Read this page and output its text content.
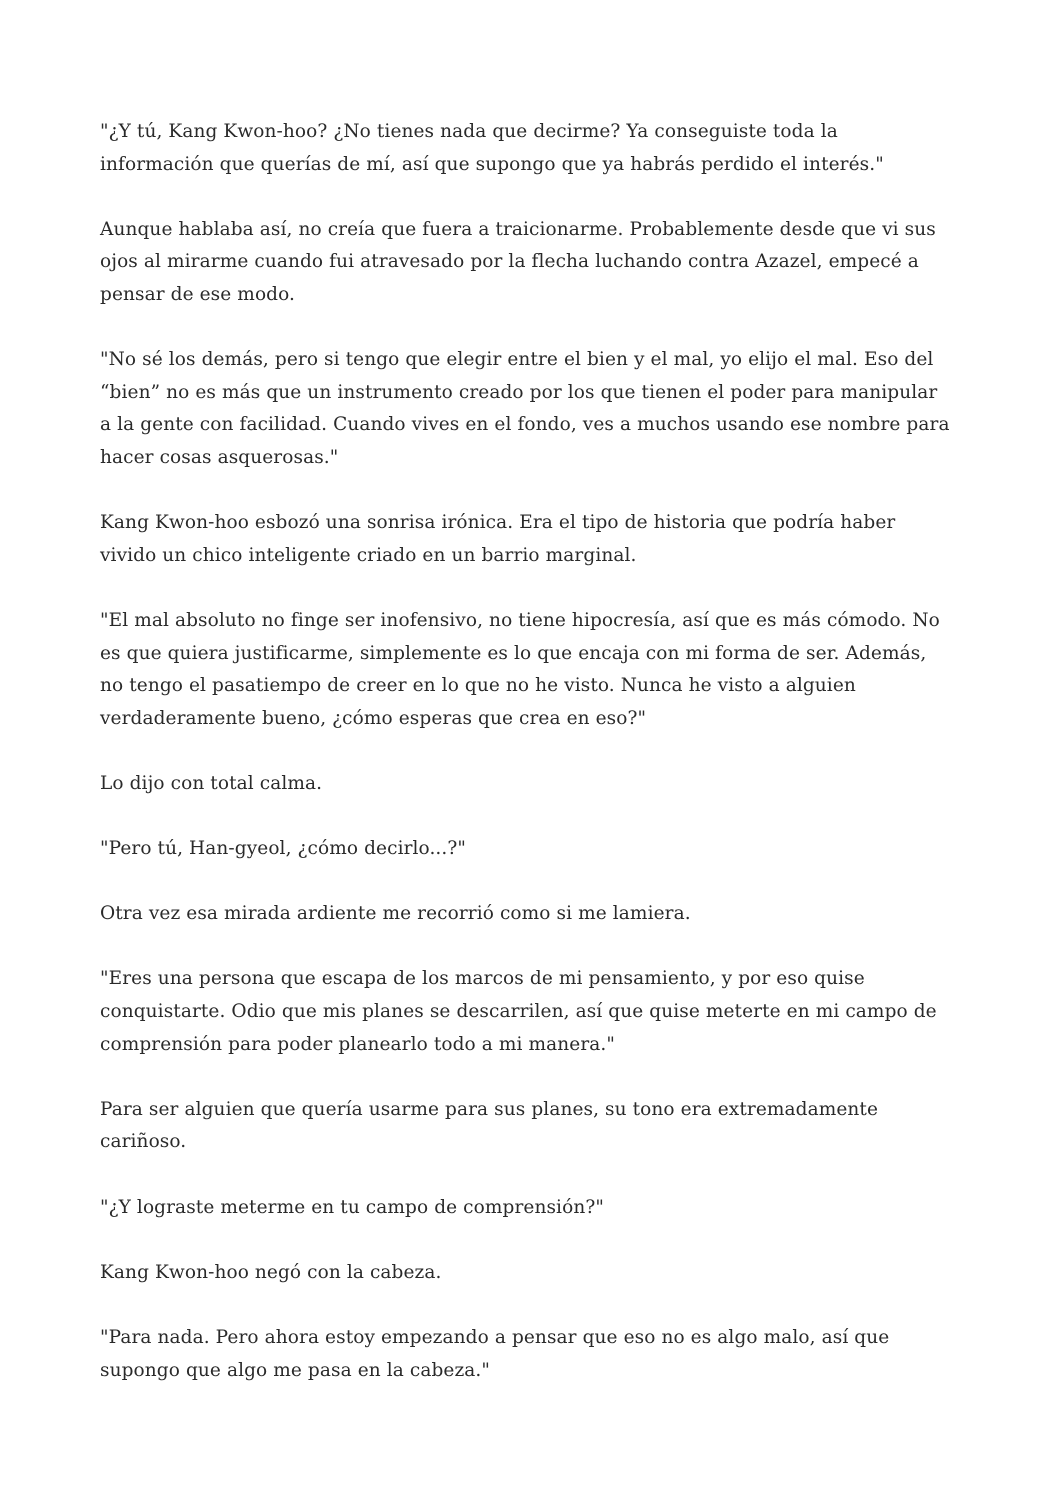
"¿Y tú, Kang Kwon-hoo? ¿No tienes nada que decirme? Ya conseguiste toda la información que querías de mí, así que supongo que ya habrás perdido el interés."

Aunque hablaba así, no creía que fuera a traicionarme. Probablemente desde que vi sus ojos al mirarme cuando fui atravesado por la flecha luchando contra Azazel, empecé a pensar de ese modo.

"No sé los demás, pero si tengo que elegir entre el bien y el mal, yo elijo el mal. Eso del “bien” no es más que un instrumento creado por los que tienen el poder para manipular a la gente con facilidad. Cuando vives en el fondo, ves a muchos usando ese nombre para hacer cosas asquerosas."

Kang Kwon-hoo esbozó una sonrisa irónica. Era el tipo de historia que podría haber vivido un chico inteligente criado en un barrio marginal.

"El mal absoluto no finge ser inofensivo, no tiene hipocresía, así que es más cómodo. No es que quiera justificarme, simplemente es lo que encaja con mi forma de ser. Además, no tengo el pasatiempo de creer en lo que no he visto. Nunca he visto a alguien verdaderamente bueno, ¿cómo esperas que crea en eso?"

Lo dijo con total calma.

"Pero tú, Han-gyeol, ¿cómo decirlo...?"

Otra vez esa mirada ardiente me recorrió como si me lamiera.

"Eres una persona que escapa de los marcos de mi pensamiento, y por eso quise conquistarte. Odio que mis planes se descarrilen, así que quise meterte en mi campo de comprensión para poder planearlo todo a mi manera."

Para ser alguien que quería usarme para sus planes, su tono era extremadamente cariñoso.

"¿Y lograste meterme en tu campo de comprensión?"

Kang Kwon-hoo negó con la cabeza.

"Para nada. Pero ahora estoy empezando a pensar que eso no es algo malo, así que supongo que algo me pasa en la cabeza."
